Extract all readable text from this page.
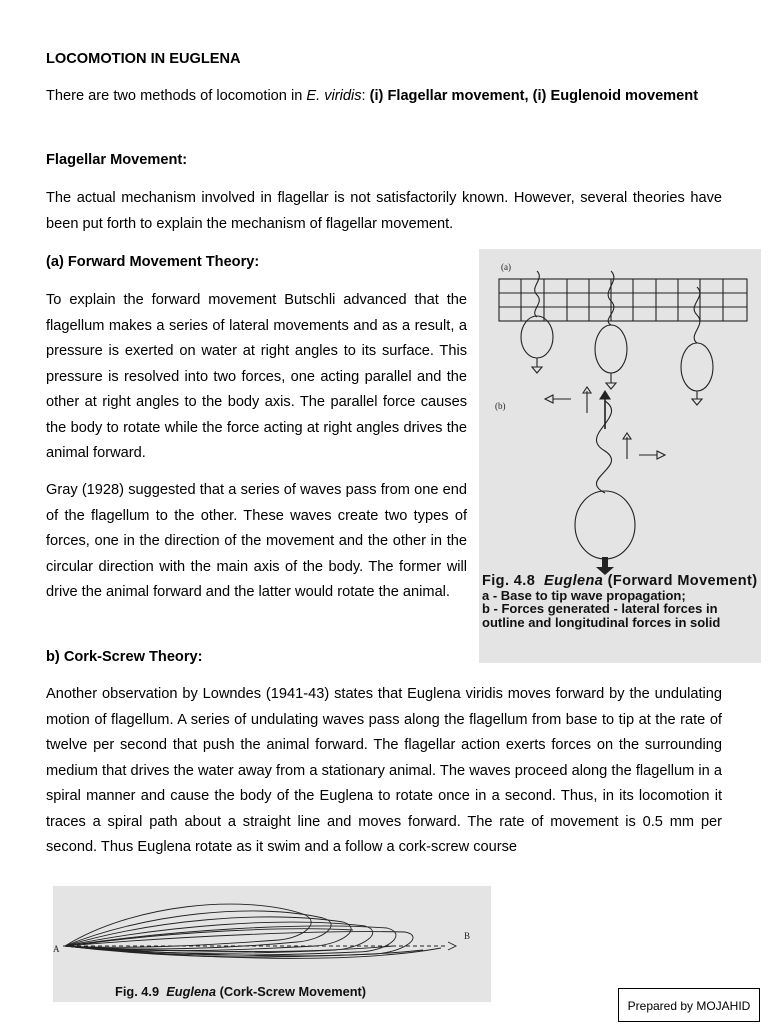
LOCOMOTION IN EUGLENA
There are two methods of locomotion in E. viridis: (i) Flagellar movement, (i) Euglenoid movement
Flagellar Movement:
The actual mechanism involved in flagellar is not satisfactorily known. However, several theories have been put forth to explain the mechanism of flagellar movement.
(a) Forward Movement Theory:
To explain the forward movement Butschli advanced that the flagellum makes a series of lateral movements and as a result, a pressure is exerted on water at right angles to its surface. This pressure is resolved into two forces, one acting parallel and the other at right angles to the body axis. The parallel force causes the body to rotate while the force acting at right angles drives the animal forward.
Gray (1928) suggested that a series of waves pass from one end of the flagellum to the other. These waves create two types of forces, one in the direction of the movement and the other in the circular direction with the main axis of the body. The former will drive the animal forward and the latter would rotate the animal.
(a)
(b)
Fig. 4.8 Euglena (Forward Movement)
a - Base to tip wave propagation;
b - Forces generated - lateral forces in outline and longitudinal forces in solid
b) Cork-Screw Theory:
Another observation by Lowndes (1941-43) states that Euglena viridis moves forward by the undulating motion of flagellum. A series of undulating waves pass along the flagellum from base to tip at the rate of twelve per second that push the animal forward. The flagellar action exerts forces on the surrounding medium that drives the water away from a stationary animal. The waves proceed along the flagellum in a spiral manner and cause the body of the Euglena to rotate once in a second. Thus, in its locomotion it traces a spiral path about a straight line and moves forward. The rate of movement is 0.5 mm per second. Thus Euglena rotate as it swim and a follow a cork-screw course
A
B
Fig. 4.9 Euglena (Cork-Screw Movement)
Prepared by MOJAHID
